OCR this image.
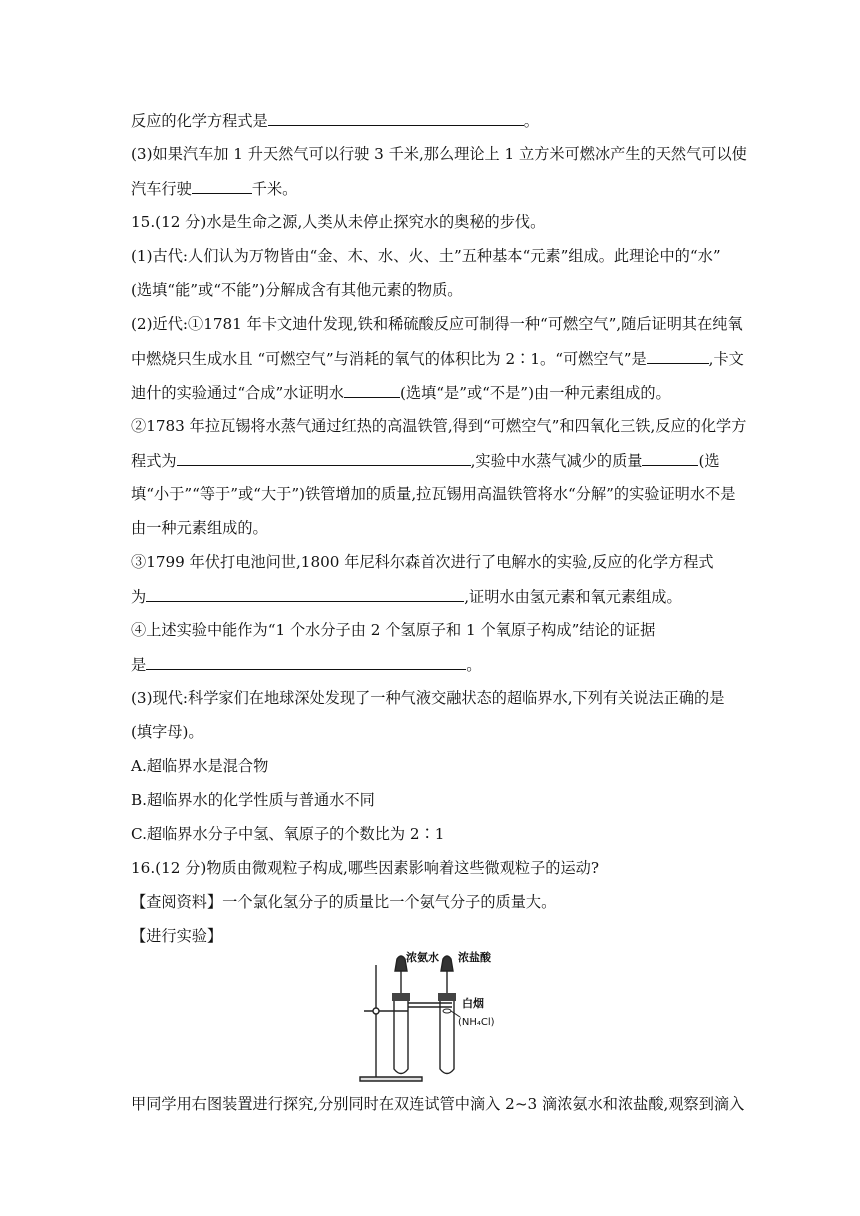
反应的化学方程式是	。
(3)如果汽车加 1 升天然气可以行驶 3 千米,那么理论上 1 立方米可燃冰产生的天然气可以使
汽车行驶	千米。
15.(12 分)水是生命之源,人类从未停止探究水的奥秘的步伐。
(1)古代:人们认为万物皆由“金、木、水、火、土”五种基本“元素”组成。此理论中的“水”
(选填“能”或“不能”)分解成含有其他元素的物质。
(2)近代:①1781 年卡文迪什发现,铁和稀硫酸反应可制得一种“可燃空气”,随后证明其在纯氧
中燃烧只生成水且 “可燃空气”与消耗的氧气的体积比为 2∶1。“可燃空气”是	,卡文
迪什的实验通过“合成”水证明水	(选填“是”或“不是”)由一种元素组成的。
②1783 年拉瓦锡将水蒸气通过红热的高温铁管,得到“可燃空气”和四氧化三铁,反应的化学方
程式为	,实验中水蒸气减少的质量	(选
填“小于”“等于”或“大于”)铁管增加的质量,拉瓦锡用高温铁管将水“分解”的实验证明水不是
由一种元素组成的。
③1799 年伏打电池问世,1800 年尼科尔森首次进行了电解水的实验,反应的化学方程式
为	,证明水由氢元素和氧元素组成。
④上述实验中能作为“1 个水分子由 2 个氢原子和 1 个氧原子构成”结论的证据
是	。
(3)现代:科学家们在地球深处发现了一种气液交融状态的超临界水,下列有关说法正确的是
(填字母)。
A.超临界水是混合物
B.超临界水的化学性质与普通水不同
C.超临界水分子中氢、氧原子的个数比为 2∶1
16.(12 分)物质由微观粒子构成,哪些因素影响着这些微观粒子的运动?
【查阅资料】一个氯化氢分子的质量比一个氨气分子的质量大。
【进行实验】
浓氨水 浓盐酸
白烟
(NH₄Cl)
甲同学用右图装置进行探究,分别同时在双连试管中滴入 2~3 滴浓氨水和浓盐酸,观察到滴入
